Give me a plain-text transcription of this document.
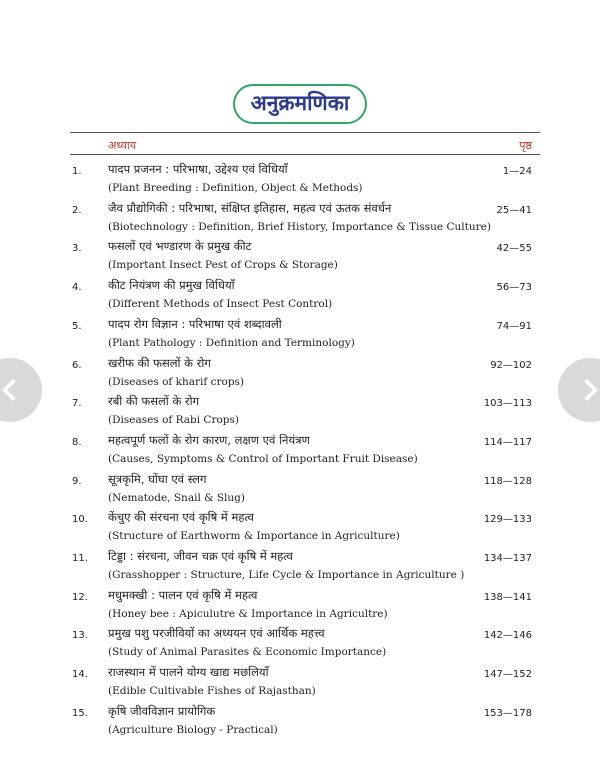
अनुक्रमणिका
अध्याय	पृष्ठ
1. पादप प्रजनन : परिभाषा, उद्देश्य एवं विधियाँ
(Plant Breeding : Definition, Object & Methods)
1—24
2. जैव प्रौद्योगिकी : परिभाषा, संक्षिप्त इतिहास, महत्व एवं ऊतक संवर्धन
(Biotechnology : Definition, Brief History, Importance & Tissue Culture)
25—41
3. फसलों एवं भण्डारण के प्रमुख कीट
(Important Insect Pest of Crops & Storage)
42—55
4. कीट नियंत्रण की प्रमुख विधियाँ
(Different Methods of Insect Pest Control)
56—73
5. पादप रोग विज्ञान : परिभाषा एवं शब्दावली
(Plant Pathology : Definition and Terminology)
74—91
6. खरीफ की फसलों के रोग
(Diseases of kharif crops)
92—102
7. रबी की फसलों के रोग
(Diseases of Rabi Crops)
103—113
8. महत्वपूर्ण फलों के रोग कारण, लक्षण एवं नियंत्रण
(Causes, Symptoms & Control of Important Fruit Disease)
114—117
9. सूत्रकृमि, घोंघा एवं स्लग
(Nematode, Snail & Slug)
118—128
10. केंचुए की संरचना एवं कृषि में महत्व
(Structure of Earthworm & Importance in Agriculture)
129—133
11. टिड्डा : संरचना, जीवन चक्र एवं कृषि में महत्व
(Grasshopper : Structure, Life Cycle & Importance in Agriculture )
134—137
12. मधुमक्खी : पालन एवं कृषि में महत्व
(Honey bee : Apiculutre & Importance in Agricultre)
138—141
13. प्रमुख पशु परजीवियों का अध्ययन एवं आर्थिक महत्त्व
(Study of Animal Parasites & Economic Importance)
142—146
14. राजस्थान में पालने योग्य खाद्य मछलियाँ
(Edible Cultivable Fishes of Rajasthan)
147—152
15. कृषि जीवविज्ञान प्रायोगिक
(Agriculture Biology - Practical)
153—178
